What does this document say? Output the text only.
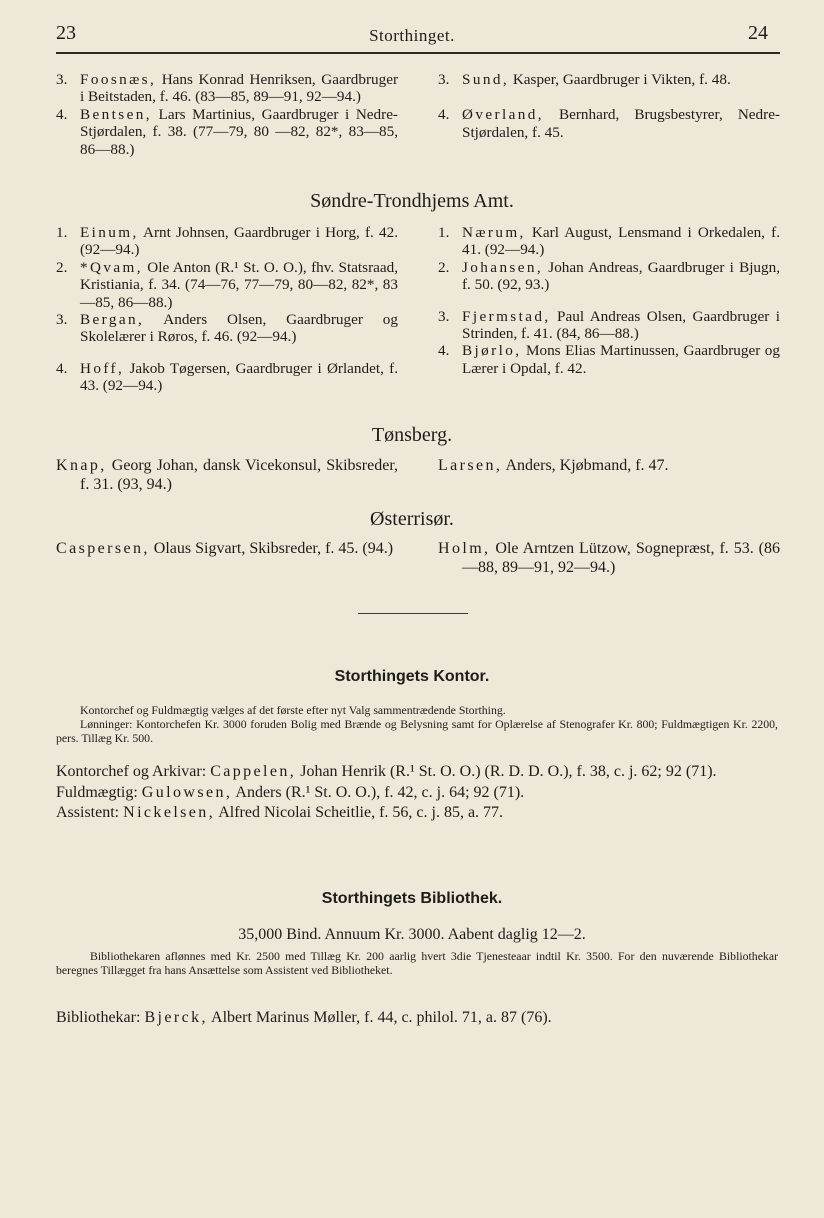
23	Storthinget.	24

3. Foosnæs, Hans Konrad Henriksen, Gaardbruger i Beitstaden, f. 46. (83—85, 89—91, 92—94.)

4. Bentsen, Lars Martinius, Gaardbruger i Nedre-Stjørdalen, f. 38. (77—79, 80 —82, 82*, 83—85, 86—88.)

3. Sund, Kasper, Gaardbruger i Vikten, f. 48.

4. Øverland, Bernhard, Brugsbestyrer, Nedre-Stjørdalen, f. 45.

Søndre-Trondhjems Amt.

1. Einum, Arnt Johnsen, Gaardbruger i Horg, f. 42. (92—94.)

2. *Qvam, Ole Anton (R.¹ St. O. O.), fhv. Statsraad, Kristiania, f. 34. (74—76, 77—79, 80—82, 82*, 83—85, 86—88.)

3. Bergan, Anders Olsen, Gaardbruger og Skolelærer i Røros, f. 46. (92—94.)

4. Hoff, Jakob Tøgersen, Gaardbruger i Ørlandet, f. 43. (92—94.)

1. Nærum, Karl August, Lensmand i Orkedalen, f. 41. (92—94.)

2. Johansen, Johan Andreas, Gaardbruger i Bjugn, f. 50. (92, 93.)

3. Fjermstad, Paul Andreas Olsen, Gaardbruger i Strinden, f. 41. (84, 86—88.)

4. Bjørlo, Mons Elias Martinussen, Gaardbruger og Lærer i Opdal, f. 42.

Tønsberg.

Knap, Georg Johan, dansk Vicekonsul, Skibsreder, f. 31. (93, 94.)

Larsen, Anders, Kjøbmand, f. 47.

Østerrisør.

Caspersen, Olaus Sigvart, Skibsreder, f. 45. (94.)	Holm, Ole Arntzen Lützow, Sognepræst, f. 53. (86—88, 89—91, 92—94.)

Storthingets Kontor.

Kontorchef og Fuldmægtig vælges af det første efter nyt Valg sammentrædende Storthing.

Lønninger: Kontorchefen Kr. 3000 foruden Bolig med Brænde og Belysning samt for Oplærelse af Stenografer Kr. 800; Fuldmægtigen Kr. 2200, pers. Tillæg Kr. 500.

Kontorchef og Arkivar: Cappelen, Johan Henrik (R.¹ St. O. O.) (R. D. D. O.), f. 38, c. j. 62; 92 (71).

Fuldmægtig: Gulowsen, Anders (R.¹ St. O. O.), f. 42, c. j. 64; 92 (71).

Assistent: Nickelsen, Alfred Nicolai Scheitlie, f. 56, c. j. 85, a. 77.

Storthingets Bibliothek.
35,000 Bind. Annuum Kr. 3000. Aabent daglig 12—2.

Bibliothekaren aflønnes med Kr. 2500 med Tillæg Kr. 200 aarlig hvert 3die Tjenesteaar indtil Kr. 3500. For den nuværende Bibliothekar beregnes Tillægget fra hans Ansættelse som Assistent ved Bibliotheket.

Bibliothekar: Bjerck, Albert Marinus Møller, f. 44, c. philol. 71, a. 87 (76).
